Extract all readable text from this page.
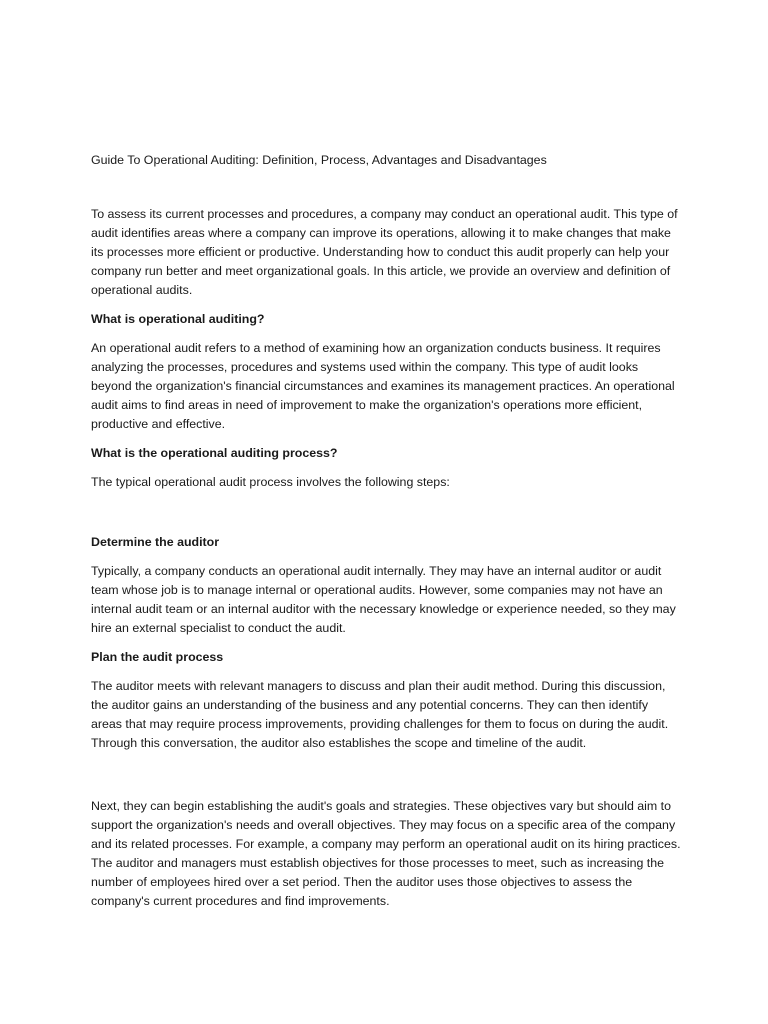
Guide To Operational Auditing: Definition, Process, Advantages and Disadvantages

To assess its current processes and procedures, a company may conduct an operational audit. This type of audit identifies areas where a company can improve its operations, allowing it to make changes that make its processes more efficient or productive. Understanding how to conduct this audit properly can help your company run better and meet organizational goals. In this article, we provide an overview and definition of operational audits.

What is operational auditing?

An operational audit refers to a method of examining how an organization conducts business. It requires analyzing the processes, procedures and systems used within the company. This type of audit looks beyond the organization's financial circumstances and examines its management practices. An operational audit aims to find areas in need of improvement to make the organization's operations more efficient, productive and effective.

What is the operational auditing process?

The typical operational audit process involves the following steps:

Determine the auditor

Typically, a company conducts an operational audit internally. They may have an internal auditor or audit team whose job is to manage internal or operational audits. However, some companies may not have an internal audit team or an internal auditor with the necessary knowledge or experience needed, so they may hire an external specialist to conduct the audit.

Plan the audit process

The auditor meets with relevant managers to discuss and plan their audit method. During this discussion, the auditor gains an understanding of the business and any potential concerns. They can then identify areas that may require process improvements, providing challenges for them to focus on during the audit. Through this conversation, the auditor also establishes the scope and timeline of the audit.

Next, they can begin establishing the audit's goals and strategies. These objectives vary but should aim to support the organization's needs and overall objectives. They may focus on a specific area of the company and its related processes. For example, a company may perform an operational audit on its hiring practices. The auditor and managers must establish objectives for those processes to meet, such as increasing the number of employees hired over a set period. Then the auditor uses those objectives to assess the company's current procedures and find improvements.
